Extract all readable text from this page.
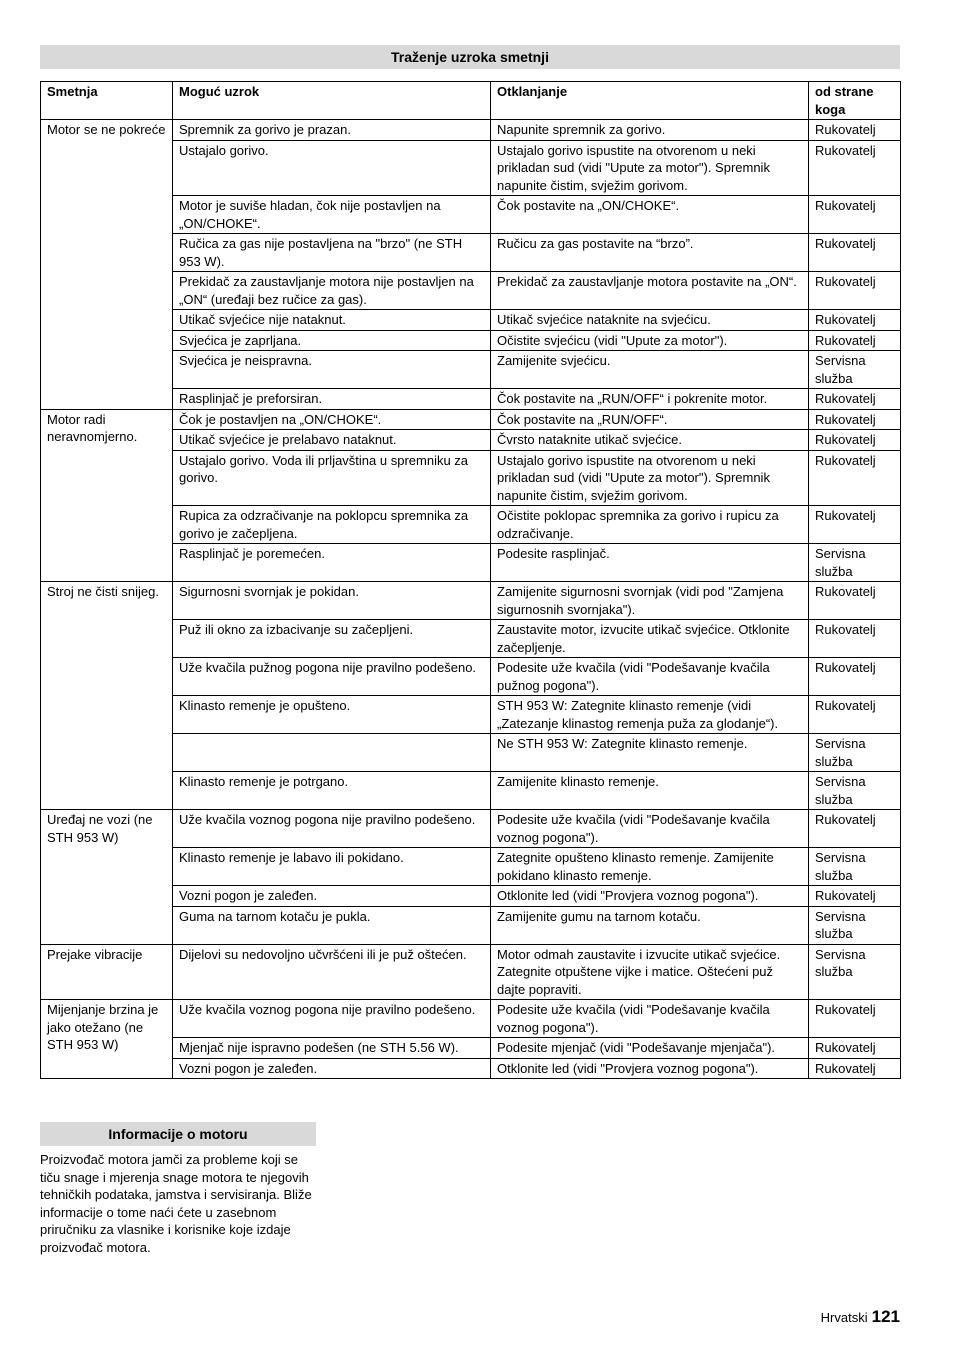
Traženje uzroka smetnji
Smetnja	Moguć uzrok	Otklanjanje	od strane koga
Motor se ne pokreće	Spremnik za gorivo je prazan.	Napunite spremnik za gorivo.	Rukovatelj
	Ustajalo gorivo.	Ustajalo gorivo ispustite na otvorenom u neki prikladan sud (vidi "Upute za motor"). Spremnik napunite čistim, svježim gorivom.	Rukovatelj
	Motor je suviše hladan, čok nije postavljen na „ON/CHOKE“.	Čok postavite na „ON/CHOKE“.	Rukovatelj
	Ručica za gas nije postavljena na "brzo" (ne STH 953 W).	Ručicu za gas postavite na “brzo”.	Rukovatelj
	Prekidač za zaustavljanje motora nije postavljen na „ON“ (uređaji bez ručice za gas).	Prekidač za zaustavljanje motora postavite na „ON“.	Rukovatelj
	Utikač svjećice nije nataknut.	Utikač svjećice nataknite na svjećicu.	Rukovatelj
	Svjećica je zaprljana.	Očistite svjećicu (vidi "Upute za motor").	Rukovatelj
	Svjećica je neispravna.	Zamijenite svjećicu.	Servisna služba
	Rasplinjač je preforsiran.	Čok postavite na „RUN/OFF“ i pokrenite motor.	Rukovatelj
Motor radi neravnomjerno.	Čok je postavljen na „ON/CHOKE“.	Čok postavite na „RUN/OFF“.	Rukovatelj
	Utikač svjećice je prelabavo nataknut.	Čvrsto nataknite utikač svjećice.	Rukovatelj
	Ustajalo gorivo. Voda ili prljavština u spremniku za gorivo.	Ustajalo gorivo ispustite na otvorenom u neki prikladan sud (vidi "Upute za motor"). Spremnik napunite čistim, svježim gorivom.	Rukovatelj
	Rupica za odzračivanje na poklopcu spremnika za gorivo je začepljena.	Očistite poklopac spremnika za gorivo i rupicu za odzračivanje.	Rukovatelj
	Rasplinjač je poremećen.	Podesite rasplinjač.	Servisna služba
Stroj ne čisti snijeg.	Sigurnosni svornjak je pokidan.	Zamijenite sigurnosni svornjak (vidi pod "Zamjena sigurnosnih svornjaka").	Rukovatelj
	Puž ili okno za izbacivanje su začepljeni.	Zaustavite motor, izvucite utikač svjećice. Otklonite začepljenje.	Rukovatelj
	Uže kvačila pužnog pogona nije pravilno podešeno.	Podesite uže kvačila (vidi "Podešavanje kvačila pužnog pogona").	Rukovatelj
	Klinasto remenje je opušteno.	STH 953 W: Zategnite klinasto remenje (vidi „Zatezanje klinastog remenja puža za glodanje“).	Rukovatelj
		Ne STH 953 W: Zategnite klinasto remenje.	Servisna služba
	Klinasto remenje je potrgano.	Zamijenite klinasto remenje.	Servisna služba
Uređaj ne vozi (ne STH 953 W)	Uže kvačila voznog pogona nije pravilno podešeno.	Podesite uže kvačila (vidi "Podešavanje kvačila voznog pogona").	Rukovatelj
	Klinasto remenje je labavo ili pokidano.	Zategnite opušteno klinasto remenje. Zamijenite pokidano klinasto remenje.	Servisna služba
	Vozni pogon je zaleđen.	Otklonite led (vidi "Provjera voznog pogona").	Rukovatelj
	Guma na tarnom kotaču je pukla.	Zamijenite gumu na tarnom kotaču.	Servisna služba
Prejake vibracije	Dijelovi su nedovoljno učvršćeni ili je puž oštećen.	Motor odmah zaustavite i izvucite utikač svjećice. Zategnite otpuštene vijke i matice. Oštećeni puž dajte popraviti.	Servisna služba
Mijenjanje brzina je jako otežano (ne STH 953 W)	Uže kvačila voznog pogona nije pravilno podešeno.	Podesite uže kvačila (vidi "Podešavanje kvačila voznog pogona").	Rukovatelj
	Mjenjač nije ispravno podešen (ne STH 5.56 W).	Podesite mjenjač (vidi "Podešavanje mjenjača").	Rukovatelj
	Vozni pogon je zaleđen.	Otklonite led (vidi "Provjera voznog pogona").	Rukovatelj
Informacije o motoru

Proizvođač motora jamči za probleme koji se tiču snage i mjerenja snage motora te njegovih tehničkih podataka, jamstva i servisiranja. Bliže informacije o tome naći ćete u zasebnom priručniku za vlasnike i korisnike koje izdaje proizvođač motora.

Hrvatski 121
